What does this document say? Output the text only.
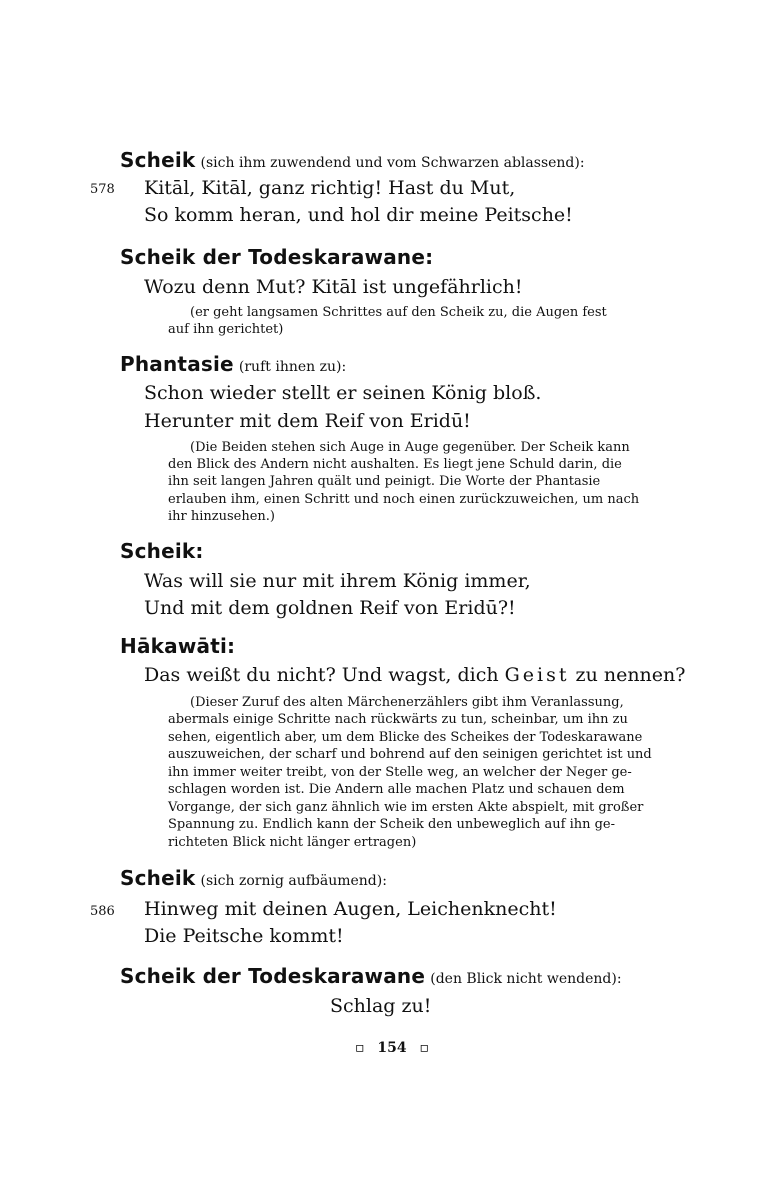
Scheik (sich ihm zuwendend und vom Schwarzen ablassend):
578 Kitāl, Kitāl, ganz richtig! Hast du Mut,
So komm heran, und hol dir meine Peitsche!
Scheik der Todeskarawane:
Wozu denn Mut? Kitāl ist ungefährlich!
(er geht langsamen Schrittes auf den Scheik zu, die Augen fest
auf ihn gerichtet)
Phantasie (ruft ihnen zu):
Schon wieder stellt er seinen König bloß.
Herunter mit dem Reif von Eridū!
(Die Beiden stehen sich Auge in Auge gegenüber. Der Scheik kann
den Blick des Andern nicht aushalten. Es liegt jene Schuld darin, die
ihn seit langen Jahren quält und peinigt. Die Worte der Phantasie
erlauben ihm, einen Schritt und noch einen zurückzuweichen, um nach
ihr hinzusehen.)
Scheik:
Was will sie nur mit ihrem König immer,
Und mit dem goldnen Reif von Eridū?!
Hākawāti:
Das weißt du nicht? Und wagst, dich Geist zu nennen?
(Dieser Zuruf des alten Märchenerzählers gibt ihm Veranlassung,
abermals einige Schritte nach rückwärts zu tun, scheinbar, um ihn zu
sehen, eigentlich aber, um dem Blicke des Scheikes der Todeskarawane
auszuweichen, der scharf und bohrend auf den seinigen gerichtet ist und
ihn immer weiter treibt, von der Stelle weg, an welcher der Neger ge-
schlagen worden ist. Die Andern alle machen Platz und schauen dem
Vorgange, der sich ganz ähnlich wie im ersten Akte abspielt, mit großer
Spannung zu. Endlich kann der Scheik den unbeweglich auf ihn ge-
richteten Blick nicht länger ertragen)
Scheik (sich zornig aufbäumend):
586 Hinweg mit deinen Augen, Leichenknecht!
Die Peitsche kommt!
Scheik der Todeskarawane (den Blick nicht wendend):
Schlag zu!
▫ 154 ▫
